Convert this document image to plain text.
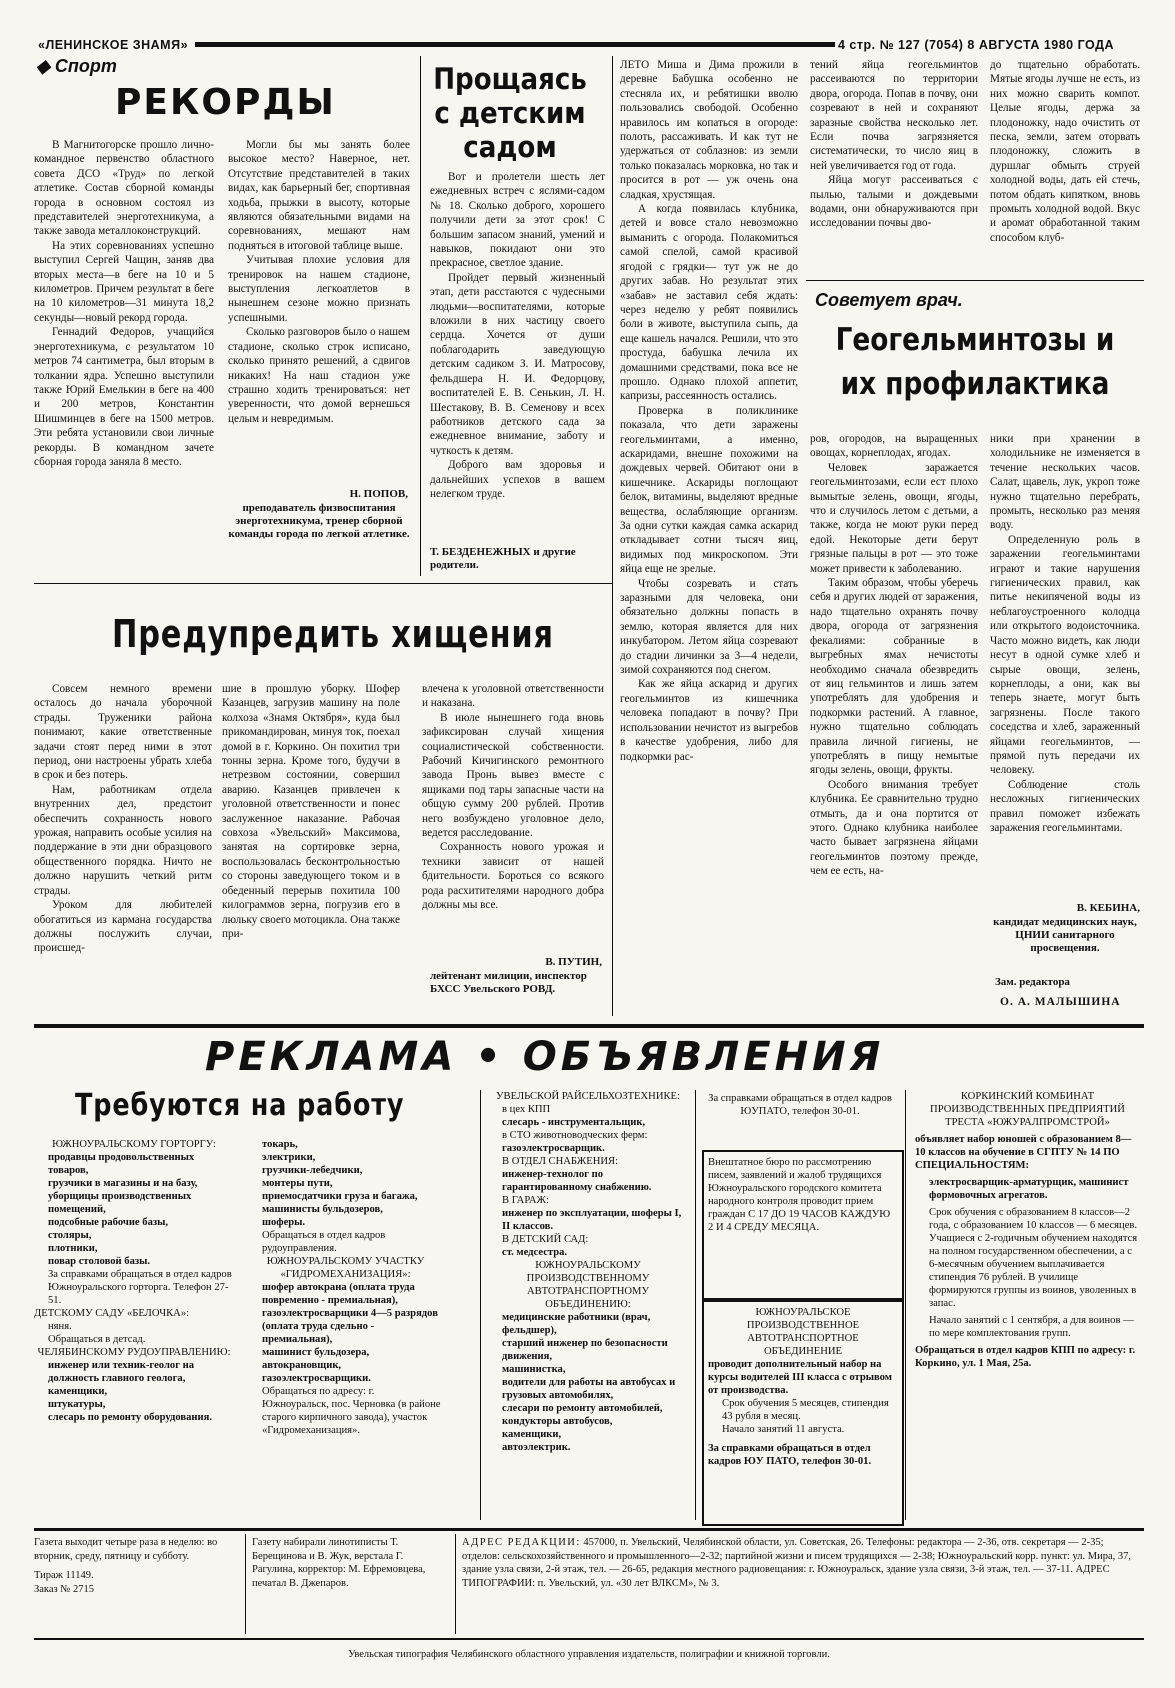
«ЛЕНИНСКОЕ ЗНАМЯ»	4 стр. № 127 (7054) 8 АВГУСТА 1980 ГОДА
◆ Спорт
РЕКОРДЫ

В Магнитогорске прошло лично-командное первенство областного совета ДСО «Труд» по легкой атлетике. Состав сборной команды города в основном состоял из представителей энерготехникума, а также завода металлоконструкций.

На этих соревнованиях успешно выступил Сергей Чащин, заняв два вторых места—в беге на 10 и 5 километров. Причем результат в беге на 10 километров—31 минута 18,2 секунды—новый рекорд города.

Геннадий Федоров, учащийся энерготехникума, с результатом 10 метров 74 сантиметра, был вторым в толкании ядра. Успешно выступили также Юрий Емелькин в беге на 400 и 200 метров, Константин Шишминцев в беге на 1500 метров. Эти ребята установили свои личные рекорды. В командном зачете сборная города заняла 8 место.

Могли бы мы занять более высокое место? Наверное, нет. Отсутствие представителей в таких видах, как барьерный бег, спортивная ходьба, прыжки в высоту, которые являются обязательными видами на соревнованиях, мешают нам подняться в итоговой таблице выше.

Учитывая плохие условия для тренировок на нашем стадионе, выступления легкоатлетов в нынешнем сезоне можно признать успешными.

Сколько разговоров было о нашем стадионе, сколько строк исписано, сколько принято решений, а сдвигов никаких! На наш стадион уже страшно ходить тренироваться: нет уверенности, что домой вернешься целым и невредимым.

Н. ПОПОВ,
преподаватель физвоспитания энерготехникума, тренер сборной команды города по легкой атлетике.
Прощаясь с детским садом

Вот и пролетели шесть лет ежедневных встреч с яслями-садом № 18. Сколько доброго, хорошего получили дети за этот срок! С большим запасом знаний, умений и навыков, покидают они это прекрасное, светлое здание.

Пройдет первый жизненный этап, дети расстаются с чудесными людьми—воспитателями, которые вложили в них частицу своего сердца. Хочется от души поблагодарить заведующую детским садиком З. И. Матросову, фельдшера Н. И. Федорцову, воспитателей Е. В. Сенькин, Л. Н. Шестакову, В. В. Семенову и всех работников детского сада за ежедневное внимание, заботу и чуткость к детям.

Доброго вам здоровья и дальнейших успехов в вашем нелегком труде.

Т. БЕЗДЕНЕЖНЫХ и другие родители.

ЛЕТО Миша и Дима прожили в деревне Бабушка особенно не стесняла их, и ребятишки вволю пользовались свободой. Особенно нравилось им копаться в огороде: полоть, рассаживать. И как тут не удержаться от соблазнов: из земли только показалась морковка, но так и просится в рот — уж очень она сладкая, хрустящая.

А когда появилась клубника, детей и вовсе стало невозможно выманить с огорода. Полакомиться самой спелой, самой красивой ягодой с грядки— тут уж не до других забав. Но результат этих «забав» не заставил себя ждать: через неделю у ребят появились боли в животе, выступила сыпь, да еще кашель начался. Решили, что это простуда, бабушка лечила их домашними средствами, пока все не прошло. Однако плохой аппетит, капризы, рассеянность остались.

Проверка в поликлинике показала, что дети заражены геогельминтами, а именно, аскаридами, внешне похожими на дождевых червей. Обитают они в кишечнике. Аскариды поглощают белок, витамины, выделяют вредные вещества, ослабляющие организм. За одни сутки каждая самка аскарид откладывает сотни тысяч яиц, видимых под микроскопом. Эти яйца еще не зрелые.

Чтобы созревать и стать заразными для человека, они обязательно должны попасть в землю, которая является для них инкубатором. Летом яйца созревают до стадии личинки за 3—4 недели, зимой сохраняются под снегом.

Как же яйца аскарид и других геогельминтов из кишечника человека попадают в почву? При использовании нечистот из выгребов в качестве удобрения, либо для подкормки рас-

тений яйца геогельминтов рассеиваются по территории двора, огорода. Попав в почву, они созревают в ней и сохраняют заразные свойства несколько лет. Если почва загрязняется систематически, то число яиц в ней увеличивается год от года.

Яйца могут рассеиваться с пылью, талыми и дождевыми водами, они обнаруживаются при исследовании почвы дво-

до тщательно обработать. Мятые ягоды лучше не есть, из них можно сварить компот. Целые ягоды, держа за плодоножку, надо очистить от песка, земли, затем оторвать плодоножку, сложить в дуршлаг обмыть струей холодной воды, дать ей стечь, потом обдать кипятком, вновь промыть холодной водой. Вкус и аромат обработанной таким способом клуб-

Советует врач.
Геогельминтозы и их профилактика

ров, огородов, на выращенных овощах, корнеплодах, ягодах.

Человек заражается геогельминтозами, если ест плохо вымытые зелень, овощи, ягоды, что и случилось летом с детьми, а также, когда не моют руки перед едой. Некоторые дети берут грязные пальцы в рот — это тоже может привести к заболеванию.

Таким образом, чтобы уберечь себя и других людей от заражения, надо тщательно охранять почву двора, огорода от загрязнения фекалиями: собранные в выгребных ямах нечистоты необходимо сначала обезвредить от яиц гельминтов и лишь затем употреблять для удобрения и подкормки растений. А главное, нужно тщательно соблюдать правила личной гигиены, не употреблять в пищу немытые ягоды зелень, овощи, фрукты.

Особого внимания требует клубника. Ее сравнительно трудно отмыть, да и она портится от этого. Однако клубника наиболее часто бывает загрязнена яйцами геогельминтов поэтому прежде, чем ее есть, на-

ники при хранении в холодильнике не изменяется в течение нескольких часов. Салат, щавель, лук, укроп тоже нужно тщательно перебрать, промыть, несколько раз меняя воду.

Определенную роль в заражении геогельминтами играют и такие нарушения гигиенических правил, как питье некипяченой воды из неблагоустроенного колодца или открытого водоисточника. Часто можно видеть, как люди несут в одной сумке хлеб и сырые овощи, зелень, корнеплоды, а они, как вы теперь знаете, могут быть загрязнены. После такого соседства и хлеб, зараженный яйцами геогельминтов, — прямой путь передачи их человеку.

Соблюдение столь несложных гигиенических правил поможет избежать заражения геогельминтами.

В. КЕБИНА,
кандидат медицинских наук, ЦНИИ санитарного просвещения.
Зам. редактора
О. А. МАЛЫШИНА
Предупредить хищения

Совсем немного времени осталось до начала уборочной страды. Труженики района понимают, какие ответственные задачи стоят перед ними в этот период, они настроены убрать хлеба в срок и без потерь.

Нам, работникам отдела внутренних дел, предстоит обеспечить сохранность нового урожая, направить особые усилия на поддержание в эти дни образцового общественного порядка. Ничто не должно нарушить четкий ритм страды.

Уроком для любителей обогатиться из кармана государства должны послужить случаи, происшед-

шие в прошлую уборку. Шофер Казанцев, загрузив машину на поле колхоза «Знамя Октября», куда был прикомандирован, минуя ток, поехал домой в г. Коркино. Он похитил три тонны зерна. Кроме того, будучи в нетрезвом состоянии, совершил аварию. Казанцев привлечен к уголовной ответственности и понес заслуженное наказание. Рабочая совхоза «Увельский» Максимова, занятая на сортировке зерна, воспользовалась бесконтрольностью со стороны заведующего током и в обеденный перерыв похитила 100 килограммов зерна, погрузив его в люльку своего мотоцикла. Она также при-

влечена к уголовной ответственности и наказана.

В июле нынешнего года вновь зафиксирован случай хищения социалистической собственности. Рабочий Кичигинского ремонтного завода Пронь вывез вместе с ящиками под тары запасные части на общую сумму 200 рублей. Против него возбуждено уголовное дело, ведется расследование.

Сохранность нового урожая и техники зависит от нашей бдительности. Бороться со всякого рода расхитителями народного добра должны мы все.

В. ПУТИН,
лейтенант милиции, инспектор БХСС Увельского РОВД.
РЕКЛАМА • ОБЪЯВЛЕНИЯ
Требуются на работу
ЮЖНОУРАЛЬСКОМУ ГОРТОРГУ:
продавцы продовольственных товаров,
грузчики в магазины и на базу,
уборщицы производственных помещений,
подсобные рабочие базы,
столяры,
плотники,
повар столовой базы.
За справками обращаться в отдел кадров Южноуральского горторга. Телефон 27-51.
ДЕТСКОМУ САДУ «БЕЛОЧКА»:
няня.
Обращаться в детсад.
ЧЕЛЯБИНСКОМУ РУДОУПРАВЛЕНИЮ:
инженер или техник-геолог на должность главного геолога,
каменщики,
штукатуры,
слесарь по ремонту оборудования.
токарь,
электрики,
грузчики-лебедчики,
монтеры пути,
приемосдатчики груза и багажа,
машинисты бульдозеров,
шоферы.
Обращаться в отдел кадров рудоуправления.
ЮЖНОУРАЛЬСКОМУ УЧАСТКУ «ГИДРОМЕХАНИЗАЦИЯ»:
шофер автокрана (оплата труда повременно - премиальная),
газоэлектросварщики 4—5 разрядов (оплата труда сдельно - премиальная),
машинист бульдозера,
автокрановщик,
газоэлектросварщики.
Обращаться по адресу: г. Южноуральск, пос. Черновка (в районе старого кирпичного завода), участок «Гидромеханизация».
УВЕЛЬСКОЙ РАЙСЕЛЬХОЗТЕХНИКЕ:
в цех КПП
слесарь - инструментальщик,
в СТО животноводческих ферм:
газоэлектросварщик.
В ОТДЕЛ СНАБЖЕНИЯ:
инженер-технолог по гарантированному снабжению.
В ГАРАЖ:
инженер по эксплуатации, шоферы I, II классов.
В ДЕТСКИЙ САД:
ст. медсестра.
ЮЖНОУРАЛЬСКОМУ ПРОИЗВОДСТВЕННОМУ АВТОТРАНСПОРТНОМУ ОБЪЕДИНЕНИЮ:
медицинские работники (врач, фельдшер),
старший инженер по безопасности движения,
машинистка,
водители для работы на автобусах и грузовых автомобилях,
слесари по ремонту автомобилей,
кондукторы автобусов,
каменщики,
автоэлектрик.
За справками обращаться в отдел кадров ЮУПАТО, телефон 30-01.
Внештатное бюро по рассмотрению писем, заявлений и жалоб трудящихся Южноуральского городского комитета народного контроля проводит прием граждан С 17 ДО 19 ЧАСОВ КАЖДУЮ 2 И 4 СРЕДУ МЕСЯЦА.
ЮЖНОУРАЛЬСКОЕ ПРОИЗВОДСТВЕННОЕ АВТОТРАНСПОРТНОЕ ОБЪЕДИНЕНИЕ
проводит дополнительный набор на курсы водителей III класса с отрывом от производства.
Срок обучения 5 месяцев, стипендия 43 рубля в месяц.
Начало занятий 11 августа.
За справками обращаться в отдел кадров ЮУ ПАТО, телефон 30-01.
КОРКИНСКИЙ КОМБИНАТ ПРОИЗВОДСТВЕННЫХ ПРЕДПРИЯТИЙ ТРЕСТА «ЮЖУРАЛПРОМСТРОЙ»
объявляет набор юношей с образованием 8—10 классов на обучение в СГПТУ № 14 ПО СПЕЦИАЛЬНОСТЯМ:
электросварщик-арматурщик, машинист формовочных агрегатов.
Срок обучения с образованием 8 классов—2 года, с образованием 10 классов — 6 месяцев. Учащиеся с 2-годичным обучением находятся на полном государственном обеспечении, а с 6-месячным обучением выплачивается стипендия 76 рублей. В училище формируются группы из воинов, уволенных в запас.
Начало занятий с 1 сентября, а для воинов — по мере комплектования групп.
Обращаться в отдел кадров КПП по адресу: г. Коркино, ул. 1 Мая, 25а.
Газета выходит четыре раза в неделю: во вторник, среду, пятницу и субботу.
Тираж 11149.
Заказ № 2715
Газету набирали линотиписты Т. Берещинова и В. Жук, верстала Г. Рагулина, корректор: М. Ефремовцева, печатал В. Джепаров.
АДРЕС РЕДАКЦИИ: 457000, п. Увельский, Челябинской области, ул. Советская, 26. Телефоны: редактора — 2-36, отв. секретаря — 2-35; отделов: сельскохозяйственного и промышленного—2-32; партийной жизни и писем трудящихся — 2-38; Южноуральский корр. пункт: ул. Мира, 37, здание узла связи, 2-й этаж, тел. — 26-65, редакция местного радиовещания: г. Южноуральск, здание узла связи, 3-й этаж, тел. — 37-11. АДРЕС ТИПОГРАФИИ: п. Увельский, ул. «30 лет ВЛКСМ», № 3.
Увельская типография Челябинского областного управления издательств, полиграфии и книжной торговли.
